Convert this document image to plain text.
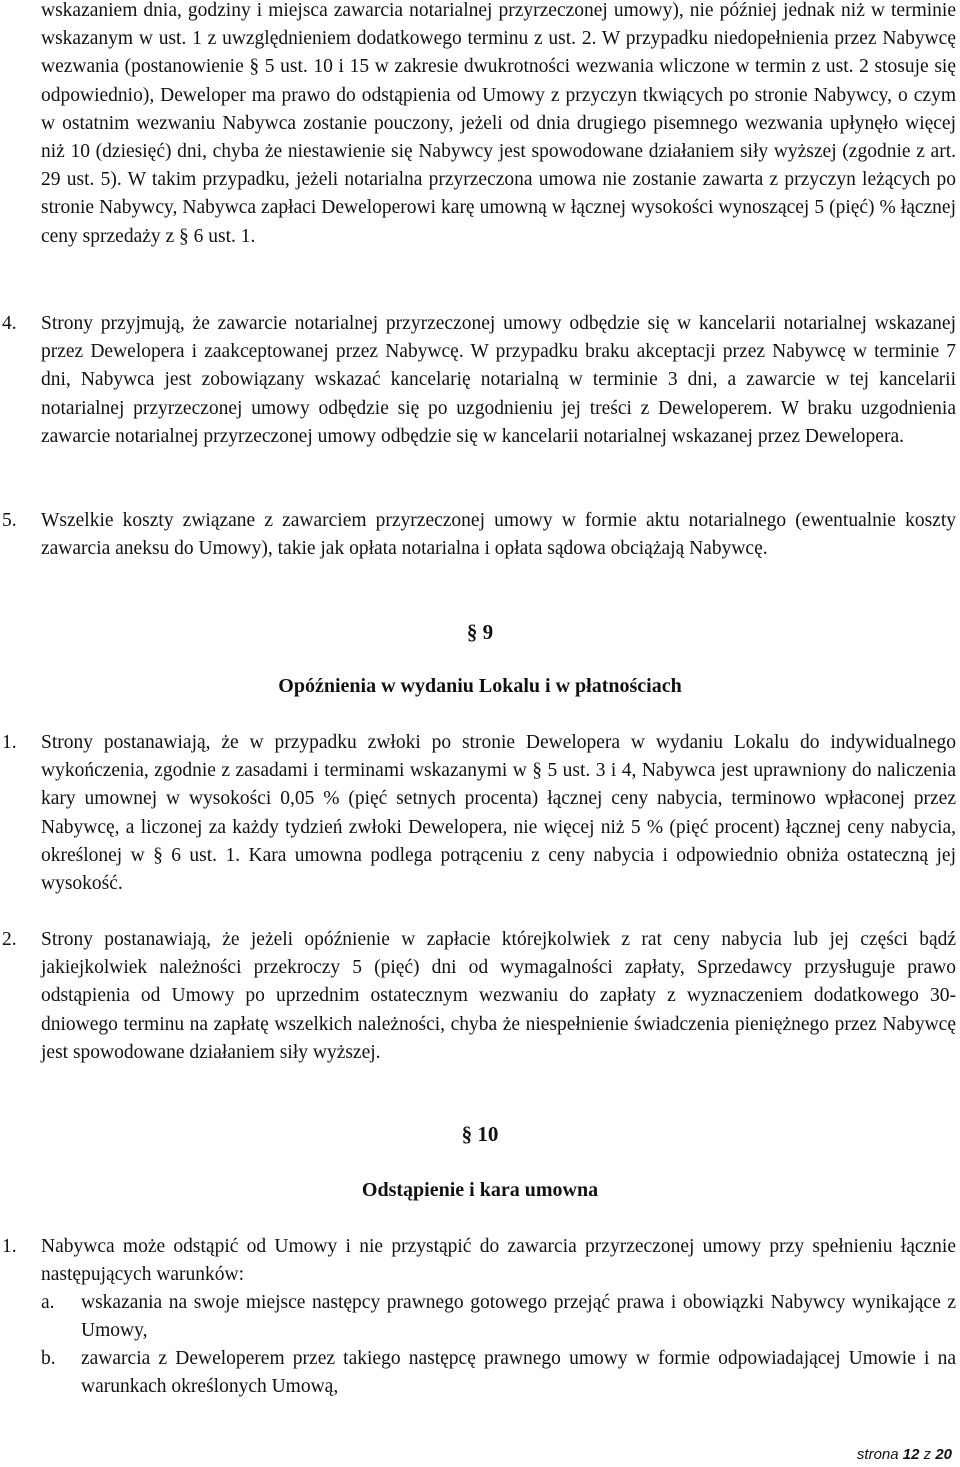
wskazaniem dnia, godziny i miejsca zawarcia notarialnej przyrzeczonej umowy), nie później jednak niż w terminie wskazanym w ust. 1 z uwzględnieniem dodatkowego terminu z ust. 2. W przypadku niedopełnienia przez Nabywcę wezwania (postanowienie § 5 ust. 10 i 15 w zakresie dwukrotności wezwania wliczone w termin z ust. 2 stosuje się odpowiednio), Deweloper ma prawo do odstąpienia od Umowy z przyczyn tkwiących po stronie Nabywcy, o czym w ostatnim wezwaniu Nabywca zostanie pouczony, jeżeli od dnia drugiego pisemnego wezwania upłynęło więcej niż 10 (dziesięć) dni, chyba że niestawienie się Nabywcy jest spowodowane działaniem siły wyższej (zgodnie z art. 29 ust. 5). W takim przypadku, jeżeli notarialna przyrzeczona umowa nie zostanie zawarta z przyczyn leżących po stronie Nabywcy, Nabywca zapłaci Deweloperowi karę umowną w łącznej wysokości wynoszącej 5 (pięć) % łącznej ceny sprzedaży z § 6 ust. 1.
4.	Strony przyjmują, że zawarcie notarialnej przyrzeczonej umowy odbędzie się w kancelarii notarialnej wskazanej przez Dewelopera i zaakceptowanej przez Nabywcę. W przypadku braku akceptacji przez Nabywcę w terminie 7 dni, Nabywca jest zobowiązany wskazać kancelarię notarialną w terminie 3 dni, a zawarcie w tej kancelarii notarialnej przyrzeczonej umowy odbędzie się po uzgodnieniu jej treści z Deweloperem. W braku uzgodnienia zawarcie notarialnej przyrzeczonej umowy odbędzie się w kancelarii notarialnej wskazanej przez Dewelopera.
5.	Wszelkie koszty związane z zawarciem przyrzeczonej umowy w formie aktu notarialnego (ewentualnie koszty zawarcia aneksu do Umowy), takie jak opłata notarialna i opłata sądowa obciążają Nabywcę.
§ 9
Opóźnienia w wydaniu Lokalu i w płatnościach
1.	Strony postanawiają, że w przypadku zwłoki po stronie Dewelopera w wydaniu Lokalu do indywidualnego wykończenia, zgodnie z zasadami i terminami wskazanymi w § 5 ust. 3 i 4, Nabywca jest uprawniony do naliczenia kary umownej w wysokości 0,05 % (pięć setnych procenta) łącznej ceny nabycia, terminowo wpłaconej przez Nabywcę, a liczonej za każdy tydzień zwłoki Dewelopera, nie więcej niż 5 % (pięć procent) łącznej ceny nabycia, określonej w § 6 ust. 1. Kara umowna podlega potrąceniu z ceny nabycia i odpowiednio obniża ostateczną jej wysokość.
2.	Strony postanawiają, że jeżeli opóźnienie w zapłacie którejkolwiek z rat ceny nabycia lub jej części bądź jakiejkolwiek należności przekroczy 5 (pięć) dni od wymagalności zapłaty, Sprzedawcy przysługuje prawo odstąpienia od Umowy po uprzednim ostatecznym wezwaniu do zapłaty z wyznaczeniem dodatkowego 30-dniowego terminu na zapłatę wszelkich należności, chyba że niespełnienie świadczenia pieniężnego przez Nabywcę jest spowodowane działaniem siły wyższej.
§ 10
Odstąpienie i kara umowna
1.	Nabywca może odstąpić od Umowy i nie przystąpić do zawarcia przyrzeczonej umowy przy spełnieniu łącznie następujących warunków:
a.	wskazania na swoje miejsce następcy prawnego gotowego przejąć prawa i obowiązki Nabywcy wynikające z Umowy,
b.	zawarcia z Deweloperem przez takiego następcę prawnego umowy w formie odpowiadającej Umowie i na warunkach określonych Umową,
strona 12 z 20
